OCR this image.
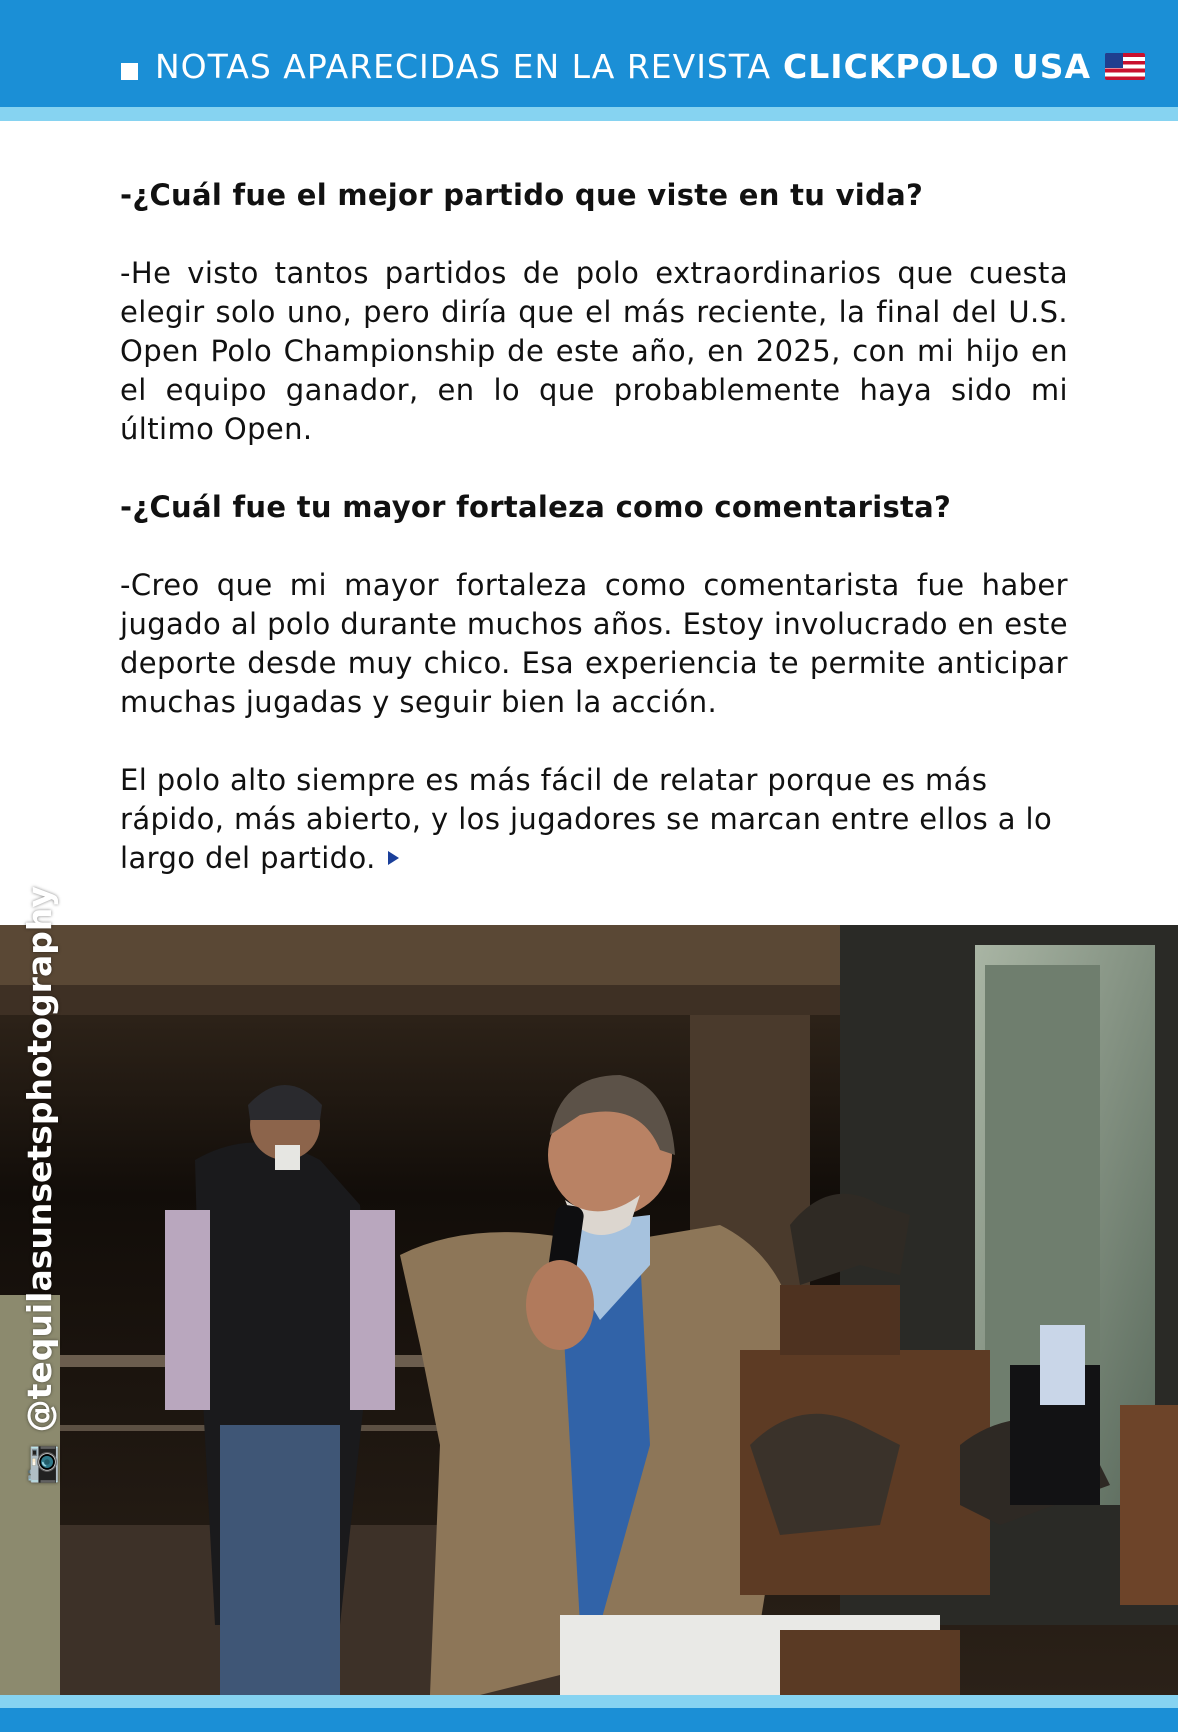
NOTAS APARECIDAS EN LA REVISTA CLICKPOLO USA

-¿Cuál fue el mejor partido que viste en tu vida?

-He visto tantos partidos de polo extraordinarios que cuesta elegir solo uno, pero diría que el más reciente, la final del U.S. Open Polo Championship de este año, en 2025, con mi hijo en el equipo ganador, en lo que probablemente haya sido mi último Open.

-¿Cuál fue tu mayor fortaleza como comentarista?

-Creo que mi mayor fortaleza como comentarista fue haber jugado al polo durante muchos años. Estoy involucrado en este deporte desde muy chico. Esa experiencia te permite anticipar muchas jugadas y seguir bien la acción.

El polo alto siempre es más fácil de relatar porque es más rápido, más abierto, y los jugadores se marcan entre ellos a lo largo del partido.

📷 @tequilasunsetsphotography
